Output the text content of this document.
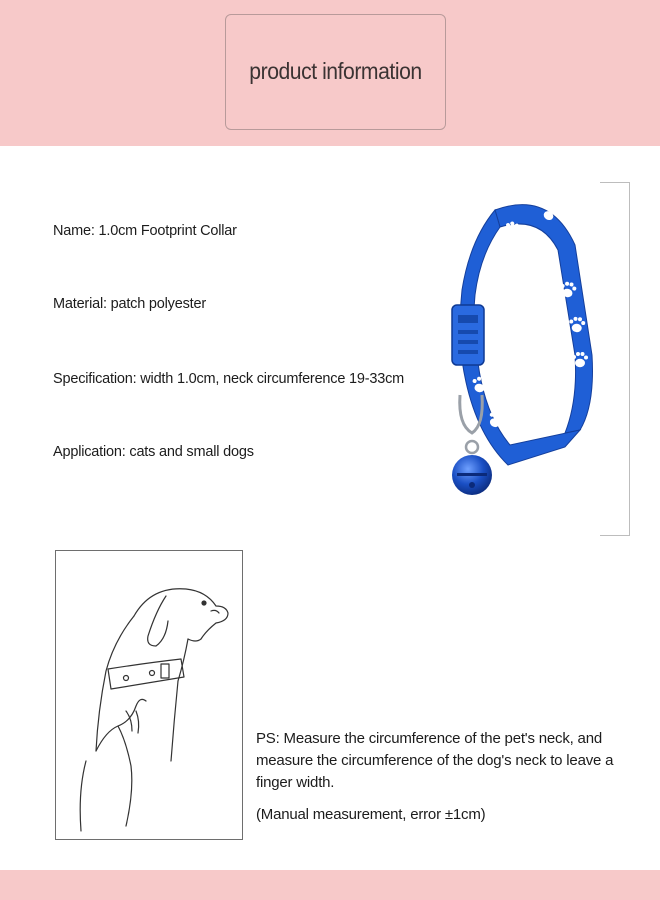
product information
Name: 1.0cm Footprint Collar
Material: patch polyester
Specification: width 1.0cm, neck circumference 19-33cm
Application: cats and small dogs
PS: Measure the circumference of the pet's neck, and measure the circumference of the dog's neck to leave a finger width.
(Manual measurement, error ±1cm)
